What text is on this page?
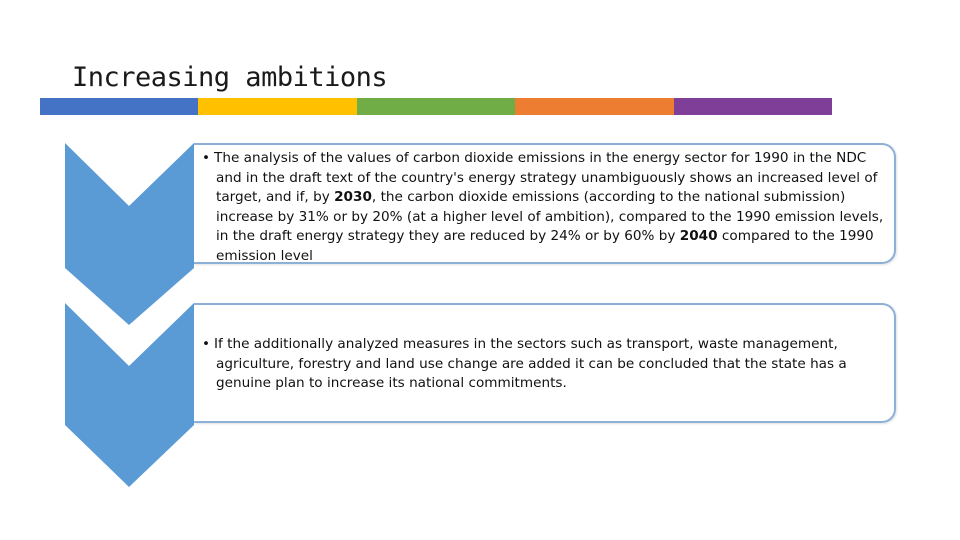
Increasing ambitions
• The analysis of the values of carbon dioxide emissions in the energy sector for 1990 in the NDC and in the draft text of the country's energy strategy unambiguously shows an increased level of target, and if, by 2030, the carbon dioxide emissions (according to the national submission) increase by 31% or by 20% (at a higher level of ambition), compared to the 1990 emission levels, in the draft energy strategy they are reduced by 24% or by 60% by 2040 compared to the 1990 emission level
• If the additionally analyzed measures in the sectors such as transport, waste management, agriculture, forestry and land use change are added it can be concluded that the state has a genuine plan to increase its national commitments.
